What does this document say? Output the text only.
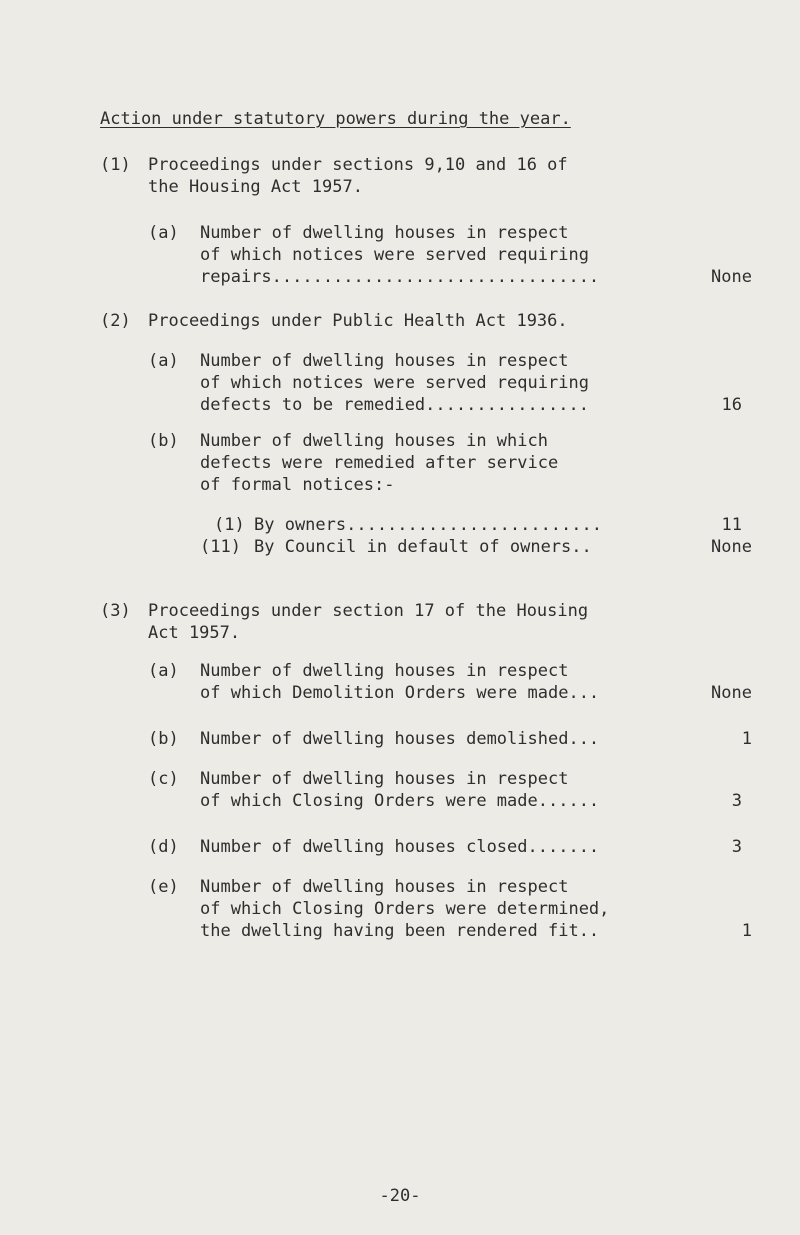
Action under statutory powers during the year.
(1) Proceedings under sections 9,10 and 16 of
the Housing Act 1957.
(a) Number of dwelling houses in respect
of which notices were served requiring
repairs................................	None
(2) Proceedings under Public Health Act 1936.
(a) Number of dwelling houses in respect
of which notices were served requiring
defects to be remedied................	16
(b) Number of dwelling houses in which
defects were remedied after service
of formal notices:-
(1) By owners.........................	11
(11) By Council in default of owners..	None
(3) Proceedings under section 17 of the Housing
Act 1957.
(a) Number of dwelling houses in respect
of which Demolition Orders were made...	None
(b) Number of dwelling houses demolished...	1
(c) Number of dwelling houses in respect
of which Closing Orders were made......	3
(d) Number of dwelling houses closed.......	3
(e) Number of dwelling houses in respect
of which Closing Orders were determined,
the dwelling having been rendered fit..	1
-20-
